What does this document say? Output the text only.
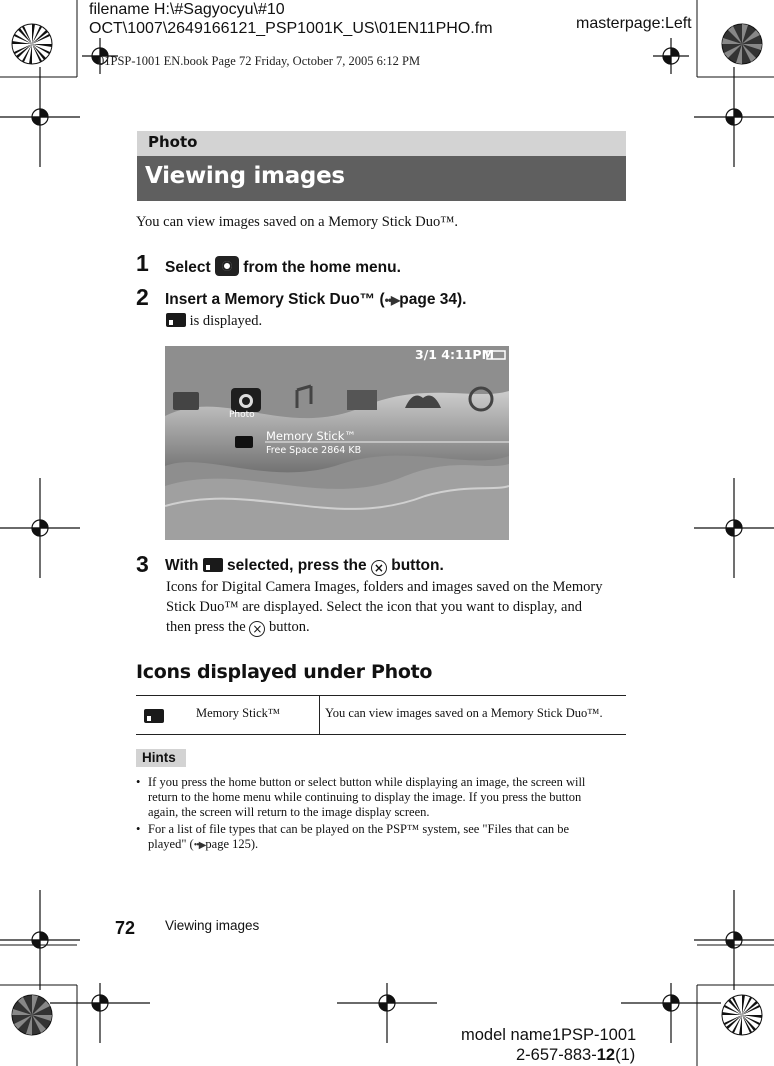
filename H:\#Sagyocyu\#10
OCT\1007\2649166121_PSP1001K_US\01EN11PHO.fm	masterpage:Left
01PSP-1001 EN.book Page 72 Friday, October 7, 2005 6:12 PM
Photo
Viewing images
You can view images saved on a Memory Stick Duo™.
1 Select  from the home menu.
2 Insert a Memory Stick Duo™ (••▶page 34).
is displayed.
3/1 4:11PM
Photo
Memory Stick™
Free Space 2864 KB
3 With  selected, press the × button.
Icons for Digital Camera Images, folders and images saved on the Memory
Stick Duo™ are displayed. Select the icon that you want to display, and
then press the × button.
Icons displayed under Photo
Memory Stick™	You can view images saved on a Memory Stick Duo™.
Hints
• If you press the home button or select button while displaying an image, the screen will
return to the home menu while continuing to display the image. If you press the button
again, the screen will return to the image display screen.
• For a list of file types that can be played on the PSP™ system, see "Files that can be
played" (••▶page 125).
72 Viewing images
model name1PSP-1001
2-657-883-12(1)
